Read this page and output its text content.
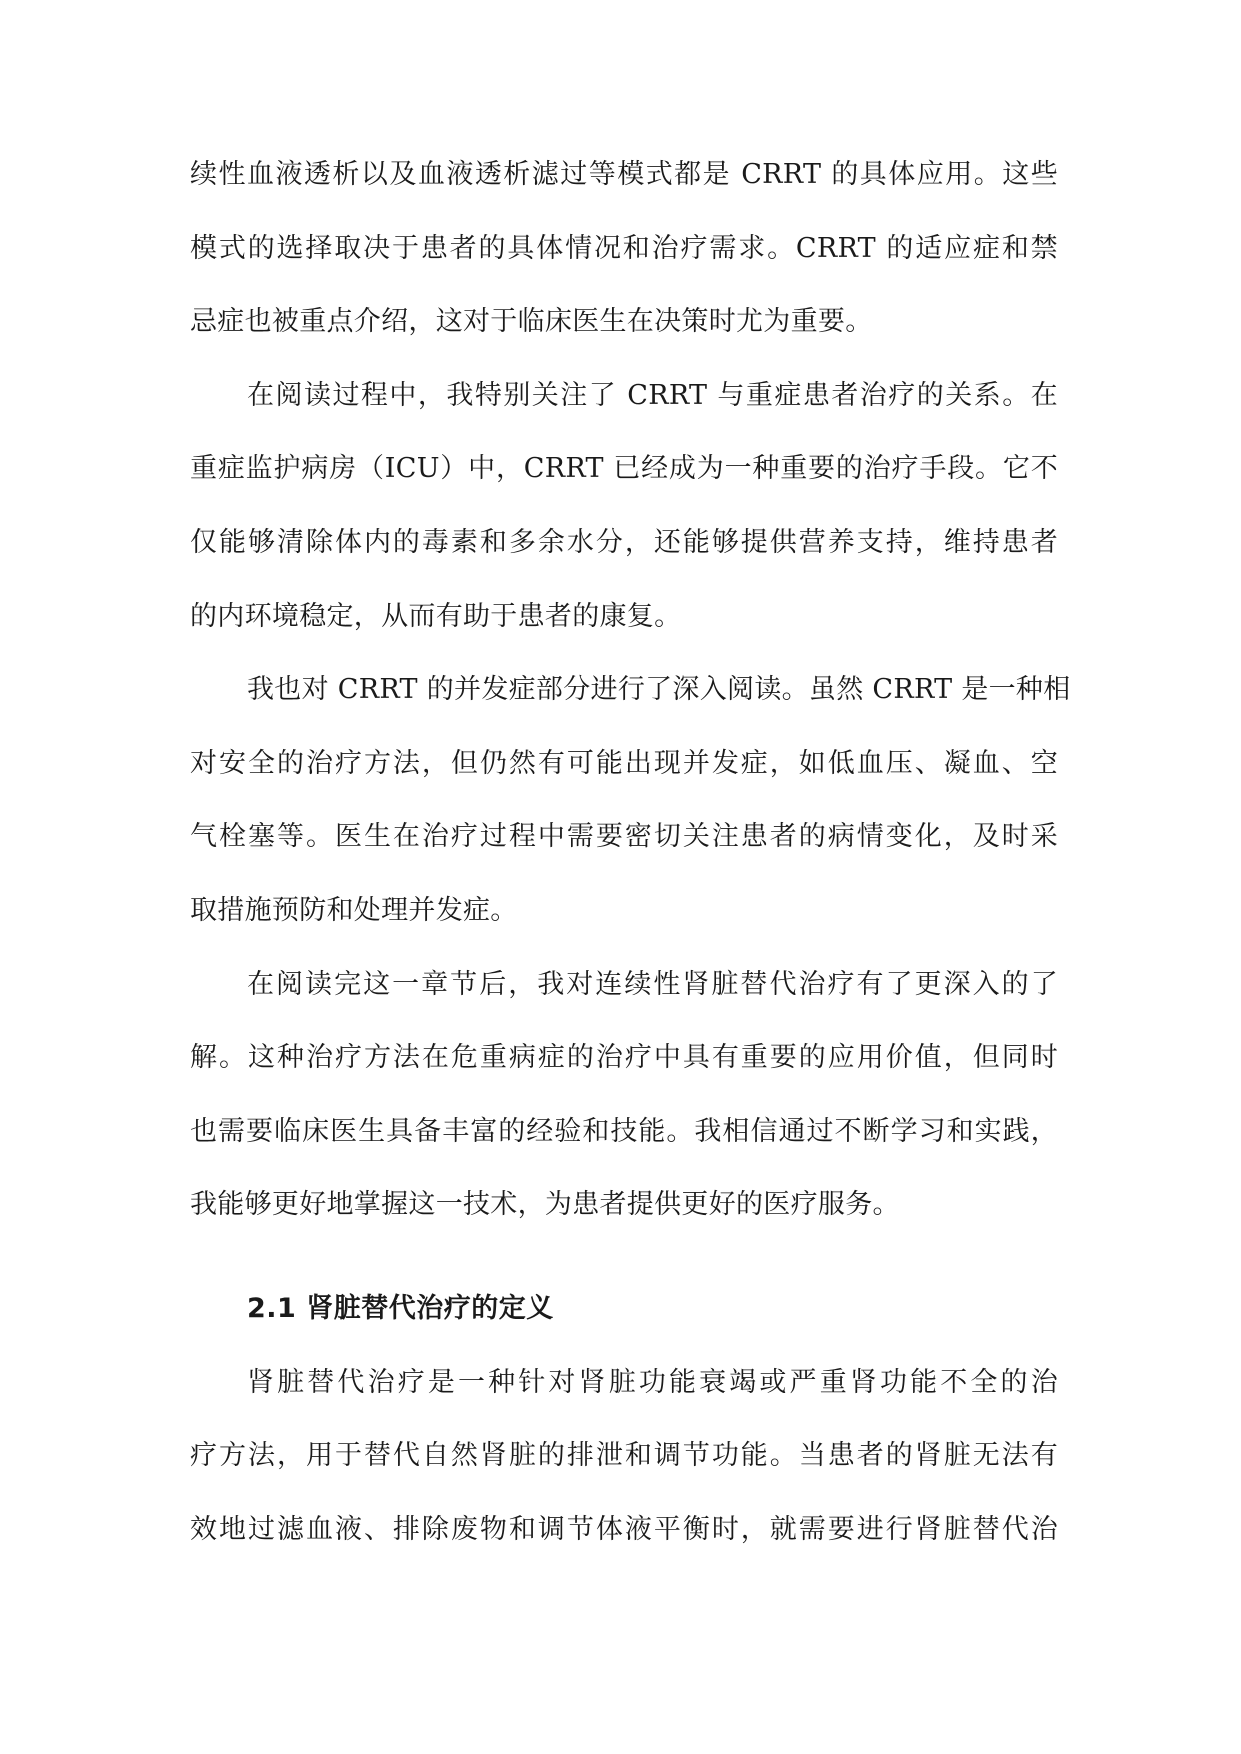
续性血液透析以及血液透析滤过等模式都是 CRRT 的具体应用。这些
模式的选择取决于患者的具体情况和治疗需求。CRRT 的适应症和禁
忌症也被重点介绍，这对于临床医生在决策时尤为重要。
在阅读过程中，我特别关注了 CRRT 与重症患者治疗的关系。在
重症监护病房（ICU）中，CRRT 已经成为一种重要的治疗手段。它不
仅能够清除体内的毒素和多余水分，还能够提供营养支持，维持患者
的内环境稳定，从而有助于患者的康复。
我也对 CRRT 的并发症部分进行了深入阅读。虽然 CRRT 是一种相
对安全的治疗方法，但仍然有可能出现并发症，如低血压、凝血、空
气栓塞等。医生在治疗过程中需要密切关注患者的病情变化，及时采
取措施预防和处理并发症。
在阅读完这一章节后，我对连续性肾脏替代治疗有了更深入的了
解。这种治疗方法在危重病症的治疗中具有重要的应用价值，但同时
也需要临床医生具备丰富的经验和技能。我相信通过不断学习和实践，
我能够更好地掌握这一技术，为患者提供更好的医疗服务。
2.1 肾脏替代治疗的定义
肾脏替代治疗是一种针对肾脏功能衰竭或严重肾功能不全的治
疗方法，用于替代自然肾脏的排泄和调节功能。当患者的肾脏无法有
效地过滤血液、排除废物和调节体液平衡时，就需要进行肾脏替代治
